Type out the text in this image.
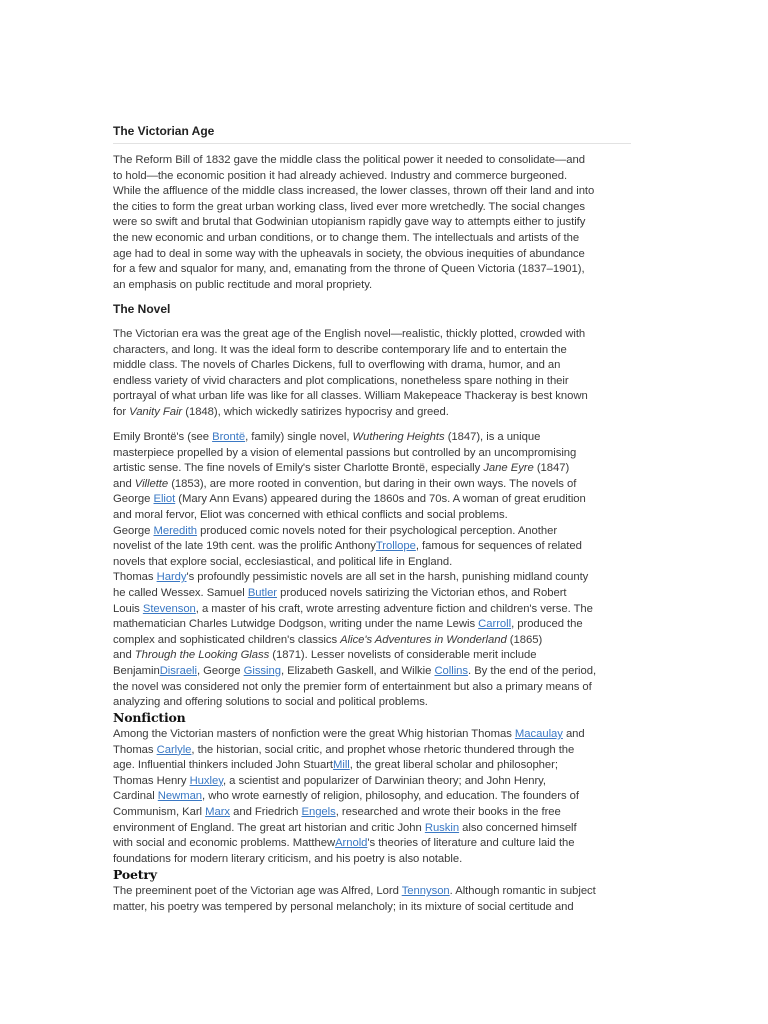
The Victorian Age
The Reform Bill of 1832 gave the middle class the political power it needed to consolidate—and
to hold—the economic position it had already achieved. Industry and commerce burgeoned.
While the affluence of the middle class increased, the lower classes, thrown off their land and into
the cities to form the great urban working class, lived ever more wretchedly. The social changes
were so swift and brutal that Godwinian utopianism rapidly gave way to attempts either to justify
the new economic and urban conditions, or to change them. The intellectuals and artists of the
age had to deal in some way with the upheavals in society, the obvious inequities of abundance
for a few and squalor for many, and, emanating from the throne of Queen Victoria (1837–1901),
an emphasis on public rectitude and moral propriety.
The Novel
The Victorian era was the great age of the English novel—realistic, thickly plotted, crowded with
characters, and long. It was the ideal form to describe contemporary life and to entertain the
middle class. The novels of Charles Dickens, full to overflowing with drama, humor, and an
endless variety of vivid characters and plot complications, nonetheless spare nothing in their
portrayal of what urban life was like for all classes. William Makepeace Thackeray is best known
for Vanity Fair (1848), which wickedly satirizes hypocrisy and greed.
Emily Brontë's (see Brontë, family) single novel, Wuthering Heights (1847), is a unique
masterpiece propelled by a vision of elemental passions but controlled by an uncompromising
artistic sense. The fine novels of Emily's sister Charlotte Brontë, especially Jane Eyre (1847)
and Villette (1853), are more rooted in convention, but daring in their own ways. The novels of
George Eliot (Mary Ann Evans) appeared during the 1860s and 70s. A woman of great erudition
and moral fervor, Eliot was concerned with ethical conflicts and social problems.
George Meredith produced comic novels noted for their psychological perception. Another
novelist of the late 19th cent. was the prolific AnthonyTrollope, famous for sequences of related
novels that explore social, ecclesiastical, and political life in England.
Thomas Hardy's profoundly pessimistic novels are all set in the harsh, punishing midland county
he called Wessex. Samuel Butler produced novels satirizing the Victorian ethos, and Robert
Louis Stevenson, a master of his craft, wrote arresting adventure fiction and children's verse. The
mathematician Charles Lutwidge Dodgson, writing under the name Lewis Carroll, produced the
complex and sophisticated children's classics Alice's Adventures in Wonderland (1865)
and Through the Looking Glass (1871). Lesser novelists of considerable merit include
BenjaminDisraeli, George Gissing, Elizabeth Gaskell, and Wilkie Collins. By the end of the period,
the novel was considered not only the premier form of entertainment but also a primary means of
analyzing and offering solutions to social and political problems.
Nonfiction
Among the Victorian masters of nonfiction were the great Whig historian Thomas Macaulay and
Thomas Carlyle, the historian, social critic, and prophet whose rhetoric thundered through the
age. Influential thinkers included John StuartMill, the great liberal scholar and philosopher;
Thomas Henry Huxley, a scientist and popularizer of Darwinian theory; and John Henry,
Cardinal Newman, who wrote earnestly of religion, philosophy, and education. The founders of
Communism, Karl Marx and Friedrich Engels, researched and wrote their books in the free
environment of England. The great art historian and critic John Ruskin also concerned himself
with social and economic problems. MatthewArnold's theories of literature and culture laid the
foundations for modern literary criticism, and his poetry is also notable.
Poetry
The preeminent poet of the Victorian age was Alfred, Lord Tennyson. Although romantic in subject
matter, his poetry was tempered by personal melancholy; in its mixture of social certitude and
